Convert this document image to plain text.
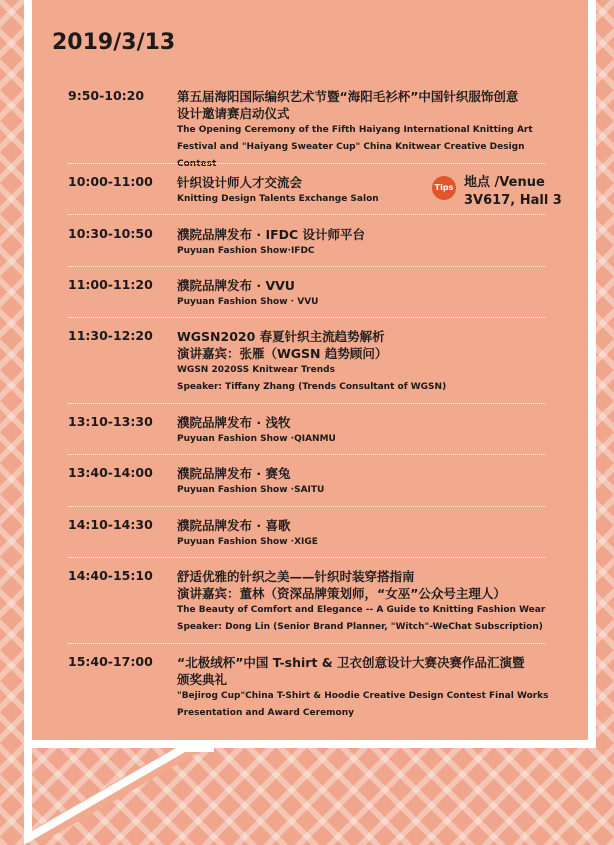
2019/3/13
Tips 地点 /Venue
3V617, Hall 3
9:50-10:20	第五届海阳国际编织艺术节暨“海阳毛衫杯”中国针织服饰创意
设计邀请赛启动仪式
The Opening Ceremony of the Fifth Haiyang International Knitting Art
Festival and "Haiyang Sweater Cup" China Knitwear Creative Design Contest
10:00-11:00 针织设计师人才交流会
Knitting Design Talents Exchange Salon
10:30-10:50 濮院品牌发布 · IFDC 设计师平台
Puyuan Fashion Show·IFDC
11:00-11:20 濮院品牌发布 · VVU
Puyuan Fashion Show · VVU
11:30-12:20 WGSN2020 春夏针织主流趋势解析
演讲嘉宾：张雁（WGSN 趋势顾问）
WGSN 2020SS Knitwear Trends
Speaker: Tiffany Zhang (Trends Consultant of WGSN)
13:10-13:30 濮院品牌发布 · 浅牧
Puyuan Fashion Show ·QIANMU
13:40-14:00 濮院品牌发布 · 赛兔
Puyuan Fashion Show ·SAITU
14:10-14:30 濮院品牌发布 · 喜歌
Puyuan Fashion Show ·XIGE
14:40-15:10 舒适优雅的针织之美——针织时装穿搭指南
演讲嘉宾：董林（资深品牌策划师，“女巫”公众号主理人）
The Beauty of Comfort and Elegance -- A Guide to Knitting Fashion Wear
Speaker: Dong Lin (Senior Brand Planner, "Witch"-WeChat Subscription)
15:40-17:00 “北极绒杯”中国 T-shirt & 卫衣创意设计大赛决赛作品汇演暨
颁奖典礼
"Bejirog Cup"China T-Shirt & Hoodie Creative Design Contest Final Works
Presentation and Award Ceremony
